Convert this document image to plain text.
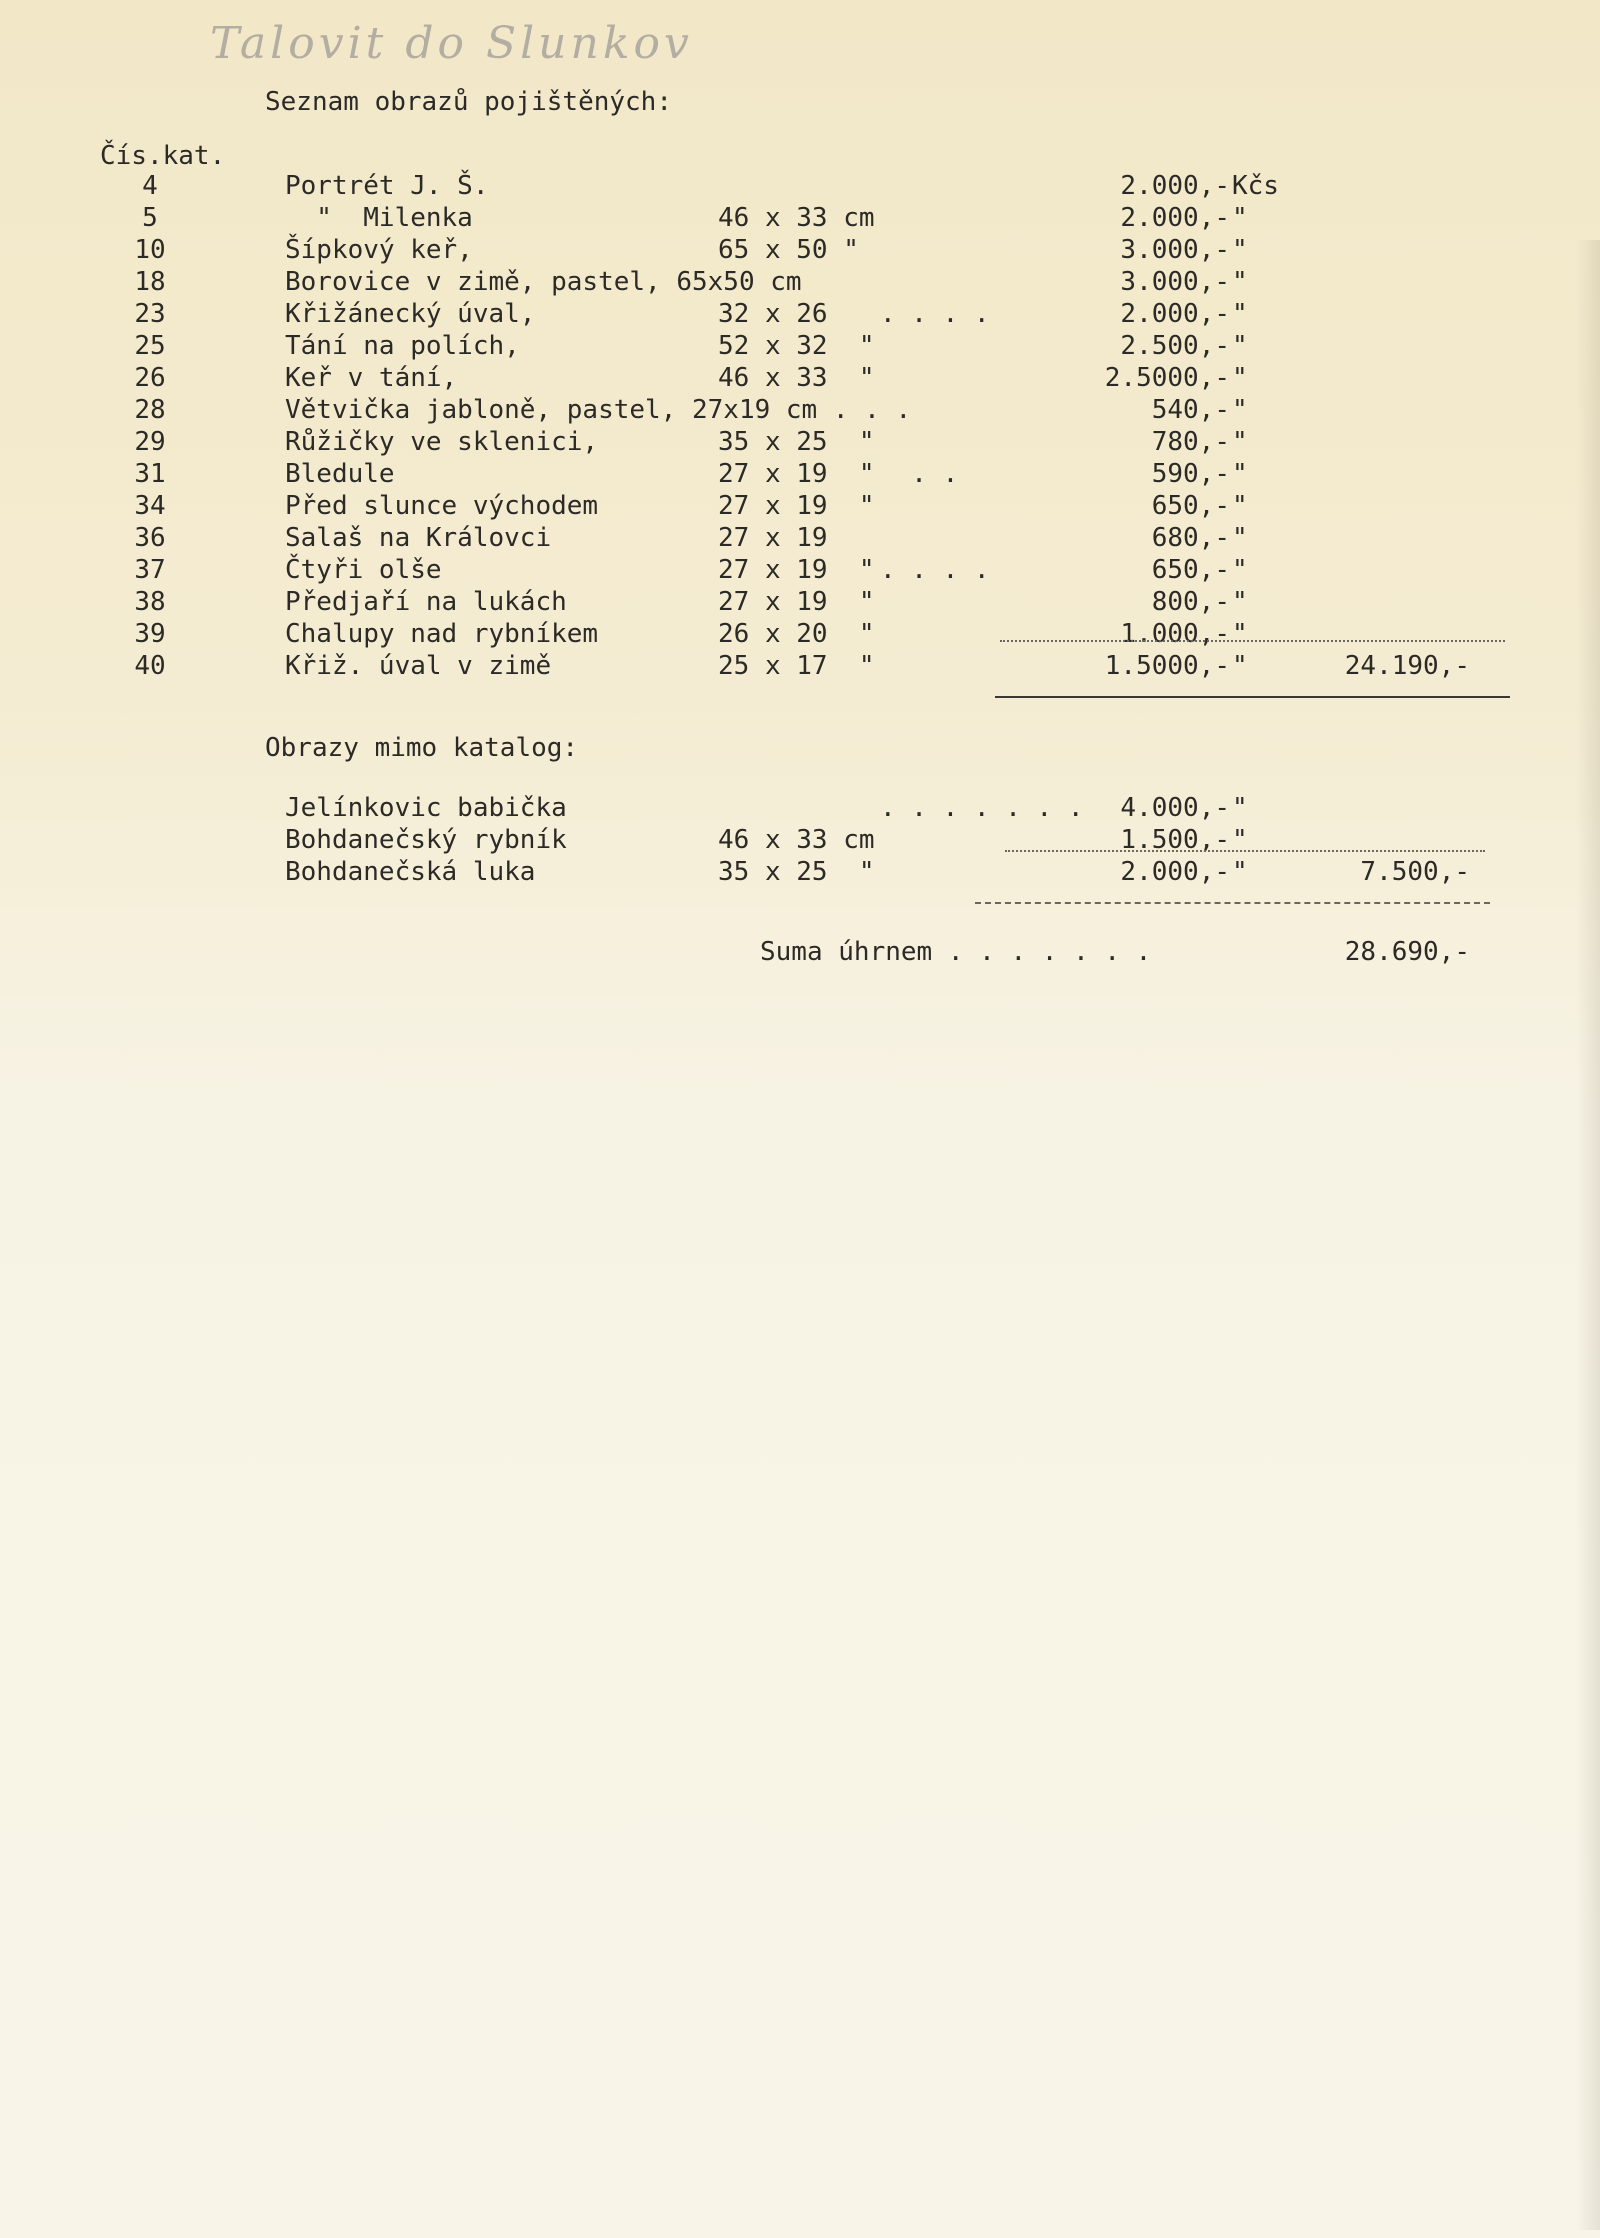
Talovit do Slunkov
Seznam obrazů pojištěných:
Čís.kat.
4	Portrét J. Š.	2.000,- Kčs
5	"  Milenka	46 x 33 cm	2.000,- "
10	Šípkový keř,	65 x 50 "	3.000,- "
18	Borovice v zimě, pastel, 65x50 cm	3.000,- "
23	Křižánecký úval,	32 x 26 . . . .	2.000,- "
25	Tání na polích,	52 x 32  "	2.500,- "
26	Keř v tání,	46 x 33  "	2.5000,- "
28	Větvička jabloně, pastel, 27x19 cm . . .	540,- "
29	Růžičky ve sklenici,	35 x 25  "	780,- "
31	Bledule	27 x 19  " . .	590,- "
34	Před slunce východem	27 x 19  "	650,- "
36	Salaš na Královci	27 x 19	680,- "
37	Čtyři olše	27 x 19  " . . . .	650,- "
38	Předjaří na lukách	27 x 19  "	800,- "
39	Chalupy nad rybníkem	26 x 20  "	1.000,- "
40	Křiž. úval v zimě	25 x 17  "	1.5000,- "	24.190,-
Obrazy mimo katalog:
Jelínkovic babička	. . . . . . .	4.000,- "
Bohdanečský rybník	46 x 33 cm	1.500,- "
Bohdanečská luka	35 x 25  "	2.000,- "	7.500,-
Suma úhrnem . . . . . . .	28.690,-
